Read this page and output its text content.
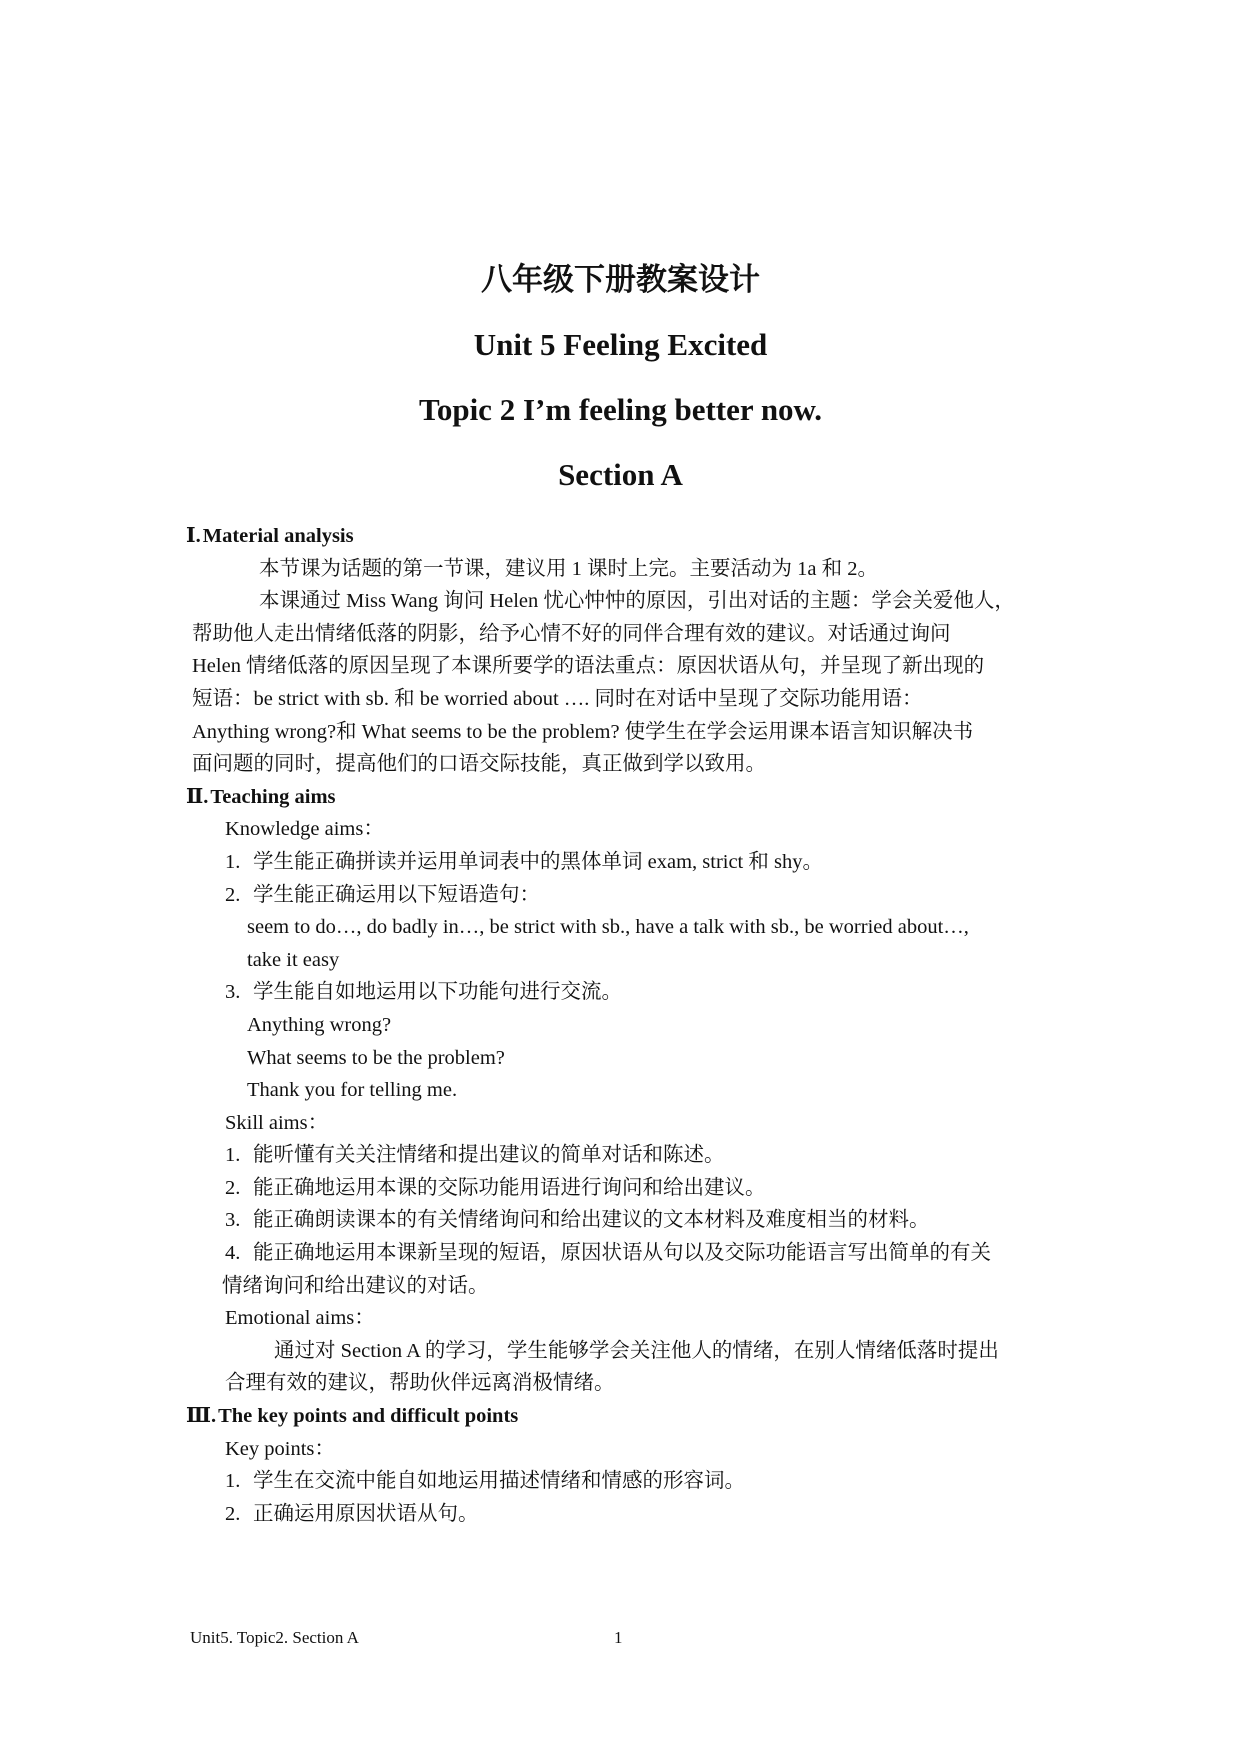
八年级下册教案设计
Unit 5 Feeling Excited
Topic 2 I’m feeling better now.
Section A
Ⅰ.Material analysis
本节课为话题的第一节课，建议用 1 课时上完。主要活动为 1a 和 2。
本课通过 Miss Wang 询问 Helen 忧心忡忡的原因，引出对话的主题：学会关爱他人，
帮助他人走出情绪低落的阴影，给予心情不好的同伴合理有效的建议。对话通过询问
Helen 情绪低落的原因呈现了本课所要学的语法重点：原因状语从句，并呈现了新出现的
短语：be strict with sb. 和 be worried about …. 同时在对话中呈现了交际功能用语：
Anything wrong?和 What seems to be the problem? 使学生在学会运用课本语言知识解决书
面问题的同时，提高他们的口语交际技能，真正做到学以致用。
Ⅱ.Teaching aims
Knowledge aims：
1. 学生能正确拼读并运用单词表中的黑体单词 exam, strict 和 shy。
2. 学生能正确运用以下短语造句：
seem to do…, do badly in…, be strict with sb., have a talk with sb., be worried about…,
take it easy
3. 学生能自如地运用以下功能句进行交流。
Anything wrong?
What seems to be the problem?
Thank you for telling me.
Skill aims：
1. 能听懂有关关注情绪和提出建议的简单对话和陈述。
2. 能正确地运用本课的交际功能用语进行询问和给出建议。
3. 能正确朗读课本的有关情绪询问和给出建议的文本材料及难度相当的材料。
4. 能正确地运用本课新呈现的短语，原因状语从句以及交际功能语言写出简单的有关
情绪询问和给出建议的对话。
Emotional aims：
通过对 Section A 的学习，学生能够学会关注他人的情绪，在别人情绪低落时提出
合理有效的建议，帮助伙伴远离消极情绪。
Ⅲ.The key points and difficult points
Key points：
1. 学生在交流中能自如地运用描述情绪和情感的形容词。
2. 正确运用原因状语从句。
Unit5. Topic2. Section A	1
